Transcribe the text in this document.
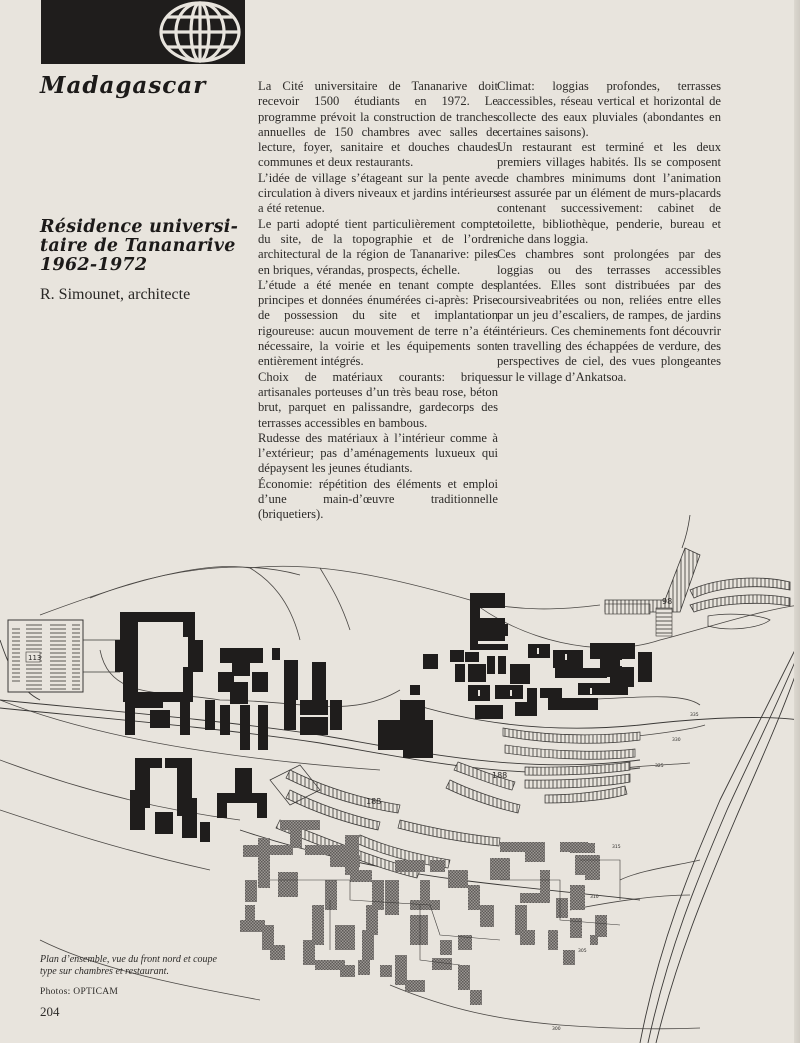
Madagascar
Résidence universi-
taire de Tananarive
1962-1972
R. Simounet, architecte

La Cité universitaire de Tananarive doit recevoir 1500 étudiants en 1972. Le programme prévoit la construction de tranches annuelles de 150 chambres avec salles de lecture, foyer, sanitaire et douches chaudes communes et deux restaurants.

L’idée de village s’étageant sur la pente avec circulation à divers niveaux et jardins intérieurs a été retenue.

Le parti adopté tient particulièrement compte du site, de la topographie et de l’ordre architectural de la région de Tananarive: piles en briques, vérandas, prospects, échelle.

L’étude a été menée en tenant compte des principes et données énumérées ci-après: Prise de possession du site et implantation rigoureuse: aucun mouvement de terre n’a été nécessaire, la voirie et les équipements sont entièrement intégrés.

Choix de matériaux courants: briques artisanales porteuses d’un très beau rose, béton brut, parquet en palissandre, gardecorps des terrasses accessibles en bambous.

Rudesse des matériaux à l’intérieur comme à l’extérieur; pas d’aménagements luxueux qui dépaysent les jeunes étudiants.

Économie: répétition des éléments et emploi d’une main-d’œuvre traditionnelle (briquetiers).

Climat: loggias profondes, terrasses accessibles, réseau vertical et horizontal de collecte des eaux pluviales (abondantes en certaines saisons).

Un restaurant est terminé et les deux premiers villages habités. Ils se composent de chambres minimums dont l’animation est assurée par un élément de murs-placards contenant successivement: cabinet de toilette, bibliothèque, penderie, bureau et niche dans loggia.

Ces chambres sont prolongées par des loggias ou des terrasses accessibles plantées. Elles sont distribuées par des coursiveabritées ou non, reliées entre elles par un jeu d’escaliers, de rampes, de jardins intérieurs. Ces cheminements font découvrir en travelling des échappées de verdure, des perspectives de ciel, des vues plongeantes sur le village d’Ankatsoa.

113
98
188
188
335
330
325
315
310
305
300
Plan d’ensemble, vue du front nord et coupe
type sur chambres et restaurant.
Photos: OPTICAM
204
